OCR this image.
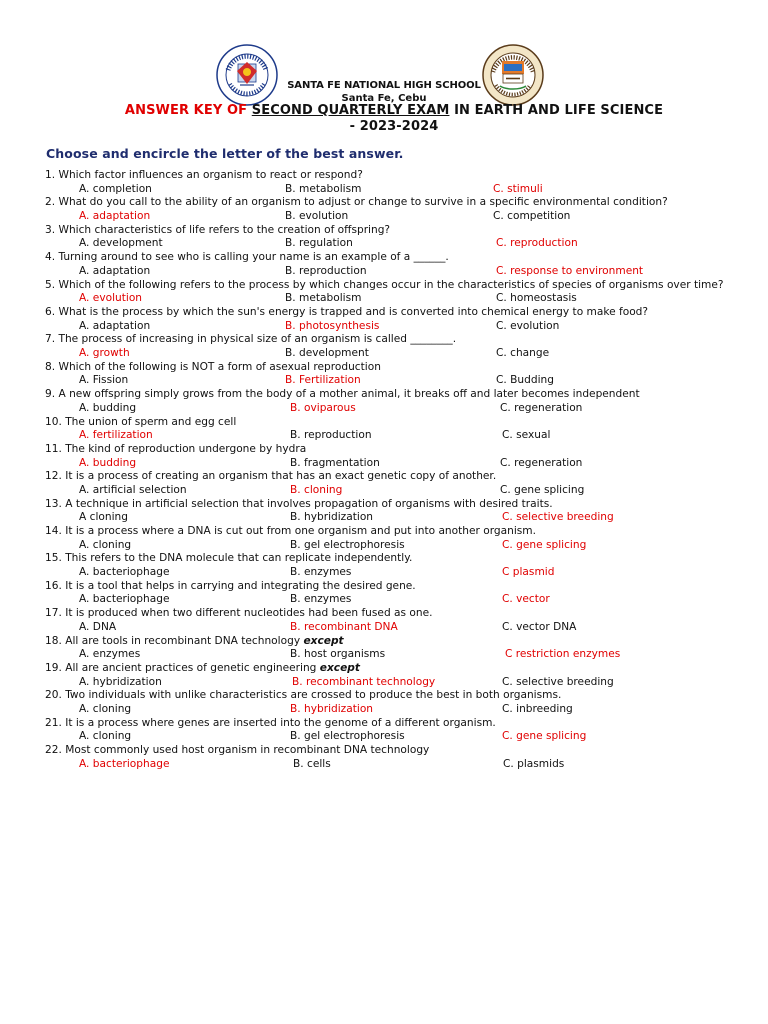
SANTA FE NATIONAL HIGH SCHOOL
Santa Fe, Cebu
ANSWER KEY OF SECOND QUARTERLY EXAM IN EARTH AND LIFE SCIENCE
- 2023-2024
Choose and encircle the letter of the best answer.
1. Which factor influences an organism to react or respond?
A. completion	B. metabolism	C. stimuli
2. What do you call to the ability of an organism to adjust or change to survive in a specific environmental condition?
A. adaptation	B. evolution	C. competition
3. Which characteristics of life refers to the creation of offspring?
A. development	B. regulation	C. reproduction
4. Turning around to see who is calling your name is an example of a ______.
A. adaptation	B. reproduction	C. response to environment
5. Which of the following refers to the process by which changes occur in the characteristics of species of organisms over time?
A. evolution	B. metabolism	C. homeostasis
6. What is the process by which the sun's energy is trapped and is converted into chemical energy to make food?
A. adaptation	B. photosynthesis	C. evolution
7. The process of increasing in physical size of an organism is called ________.
A. growth	B. development	C. change
8. Which of the following is NOT a form of asexual reproduction
A. Fission	B. Fertilization	C. Budding
9. A new offspring simply grows from the body of a mother animal, it breaks off and later becomes independent
A. budding	B. oviparous	C. regeneration
10. The union of sperm and egg cell
A. fertilization	B. reproduction	C. sexual
11. The kind of reproduction undergone by hydra
A. budding	B. fragmentation	C. regeneration
12. It is a process of creating an organism that has an exact genetic copy of another.
A. artificial selection	B. cloning	C. gene splicing
13. A technique in artificial selection that involves propagation of organisms with desired traits.
A cloning	B. hybridization	C. selective breeding
14. It is a process where a DNA is cut out from one organism and put into another organism.
A. cloning	B. gel electrophoresis	C. gene splicing
15. This refers to the DNA molecule that can replicate independently.
A. bacteriophage	B. enzymes	C plasmid
16. It is a tool that helps in carrying and integrating the desired gene.
A. bacteriophage	B. enzymes	C. vector
17. It is produced when two different nucleotides had been fused as one.
A. DNA	B. recombinant DNA	C. vector DNA
18. All are tools in recombinant DNA technology except
A. enzymes	B. host organisms	C restriction enzymes
19. All are ancient practices of genetic engineering except
A. hybridization	B. recombinant technology	C. selective breeding
20. Two individuals with unlike characteristics are crossed to produce the best in both organisms.
A. cloning	B. hybridization	C. inbreeding
21. It is a process where genes are inserted into the genome of a different organism.
A. cloning	B. gel electrophoresis	C. gene splicing
22. Most commonly used host organism in recombinant DNA technology
A. bacteriophage	B. cells	C. plasmids
